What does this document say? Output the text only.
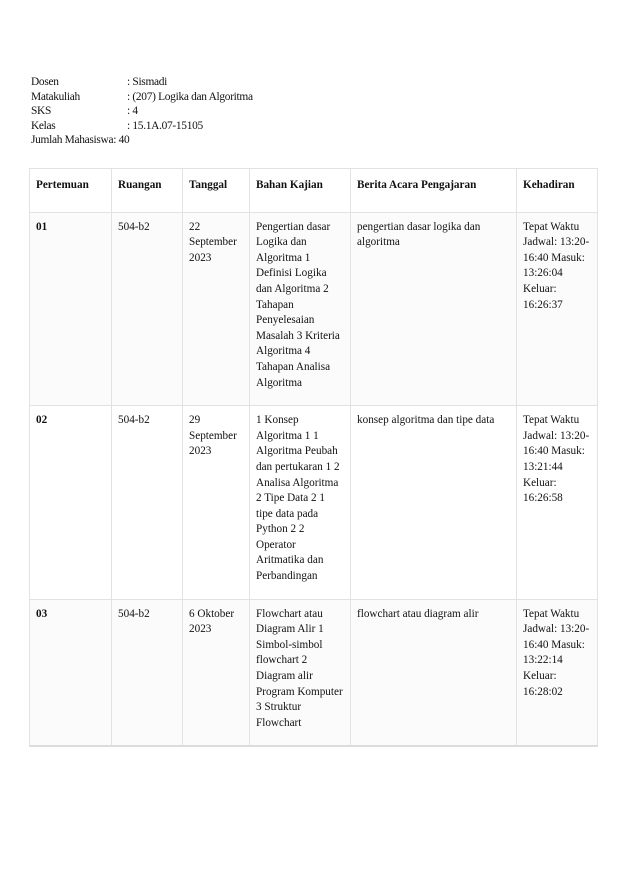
Dosen	: Sismadi
Matakuliah	: (207) Logika dan Algoritma
SKS	: 4
Kelas	: 15.1A.07-15105
Jumlah Mahasiswa : 40
Pertemuan	Ruangan	Tanggal	Bahan Kajian	Berita Acara Pengajaran	Kehadiran
01	504-b2	22 September 2023	Pengertian dasar Logika dan Algoritma 1 Definisi Logika dan Algoritma 2 Tahapan Penyelesaian Masalah 3 Kriteria Algoritma 4 Tahapan Analisa Algoritma	pengertian dasar logika dan algoritma	Tepat Waktu Jadwal: 13:20-16:40 Masuk: 13:26:04 Keluar: 16:26:37
02	504-b2	29 September 2023	1 Konsep Algoritma 1 1 Algoritma Peubah dan pertukaran 1 2 Analisa Algoritma 2 Tipe Data 2 1 tipe data pada Python 2 2 Operator Aritmatika dan Perbandingan	konsep algoritma dan tipe data	Tepat Waktu Jadwal: 13:20-16:40 Masuk: 13:21:44 Keluar: 16:26:58
03	504-b2	6 Oktober 2023	Flowchart atau Diagram Alir 1 Simbol-simbol flowchart 2 Diagram alir Program Komputer 3 Struktur Flowchart	flowchart atau diagram alir	Tepat Waktu Jadwal: 13:20-16:40 Masuk: 13:22:14 Keluar: 16:28:02
